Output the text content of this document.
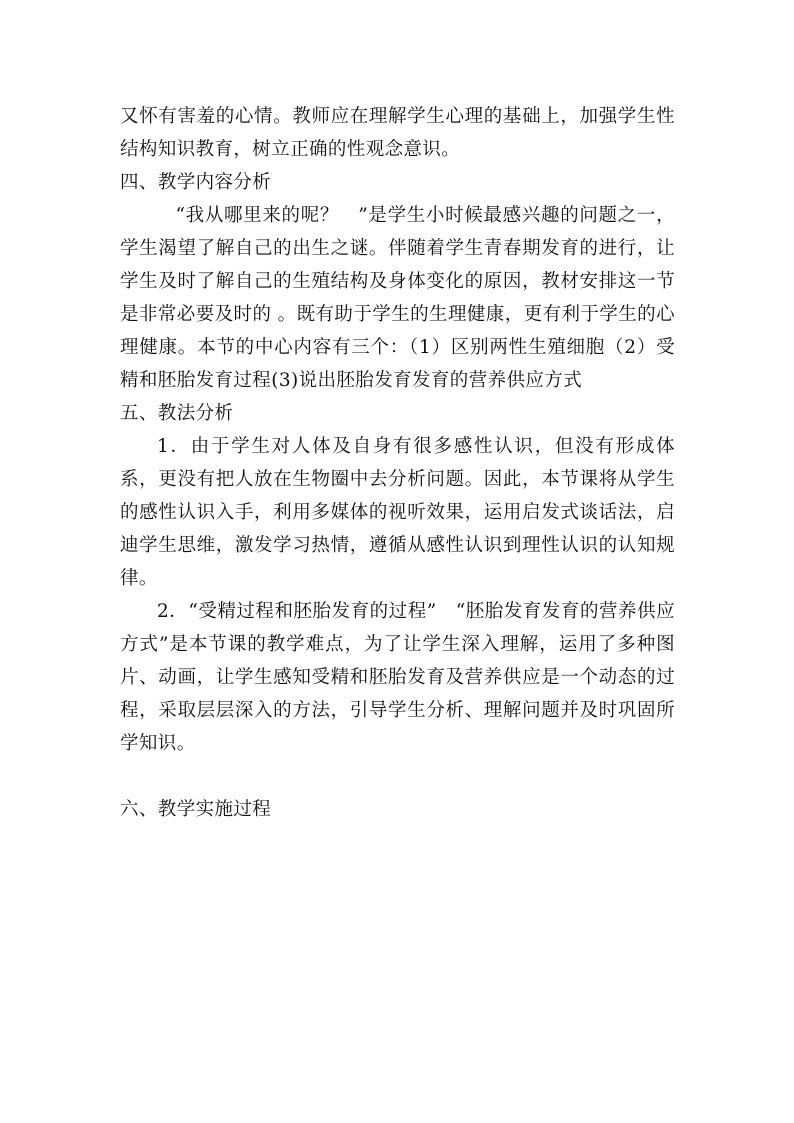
又怀有害羞的心情。教师应在理解学生心理的基础上，加强学生性结构知识教育，树立正确的性观念意识。

四、教学内容分析

“我从哪里来的呢？　”是学生小时候最感兴趣的问题之一，学生渴望了解自己的出生之谜。伴随着学生青春期发育的进行，让学生及时了解自己的生殖结构及身体变化的原因，教材安排这一节是非常必要及时的 。既有助于学生的生理健康，更有利于学生的心理健康。本节的中心内容有三个：（1）区别两性生殖细胞（2）受精和胚胎发育过程(3)说出胚胎发育发育的营养供应方式

五、教法分析

1．由于学生对人体及自身有很多感性认识，但没有形成体系，更没有把人放在生物圈中去分析问题。因此，本节课将从学生的感性认识入手，利用多媒体的视听效果，运用启发式谈话法，启迪学生思维，激发学习热情，遵循从感性认识到理性认识的认知规律。

2．“受精过程和胚胎发育的过程”　“胚胎发育发育的营养供应方式”是本节课的教学难点，为了让学生深入理解，运用了多种图片、动画，让学生感知受精和胚胎发育及营养供应是一个动态的过程，采取层层深入的方法，引导学生分析、理解问题并及时巩固所学知识。

六、教学实施过程
